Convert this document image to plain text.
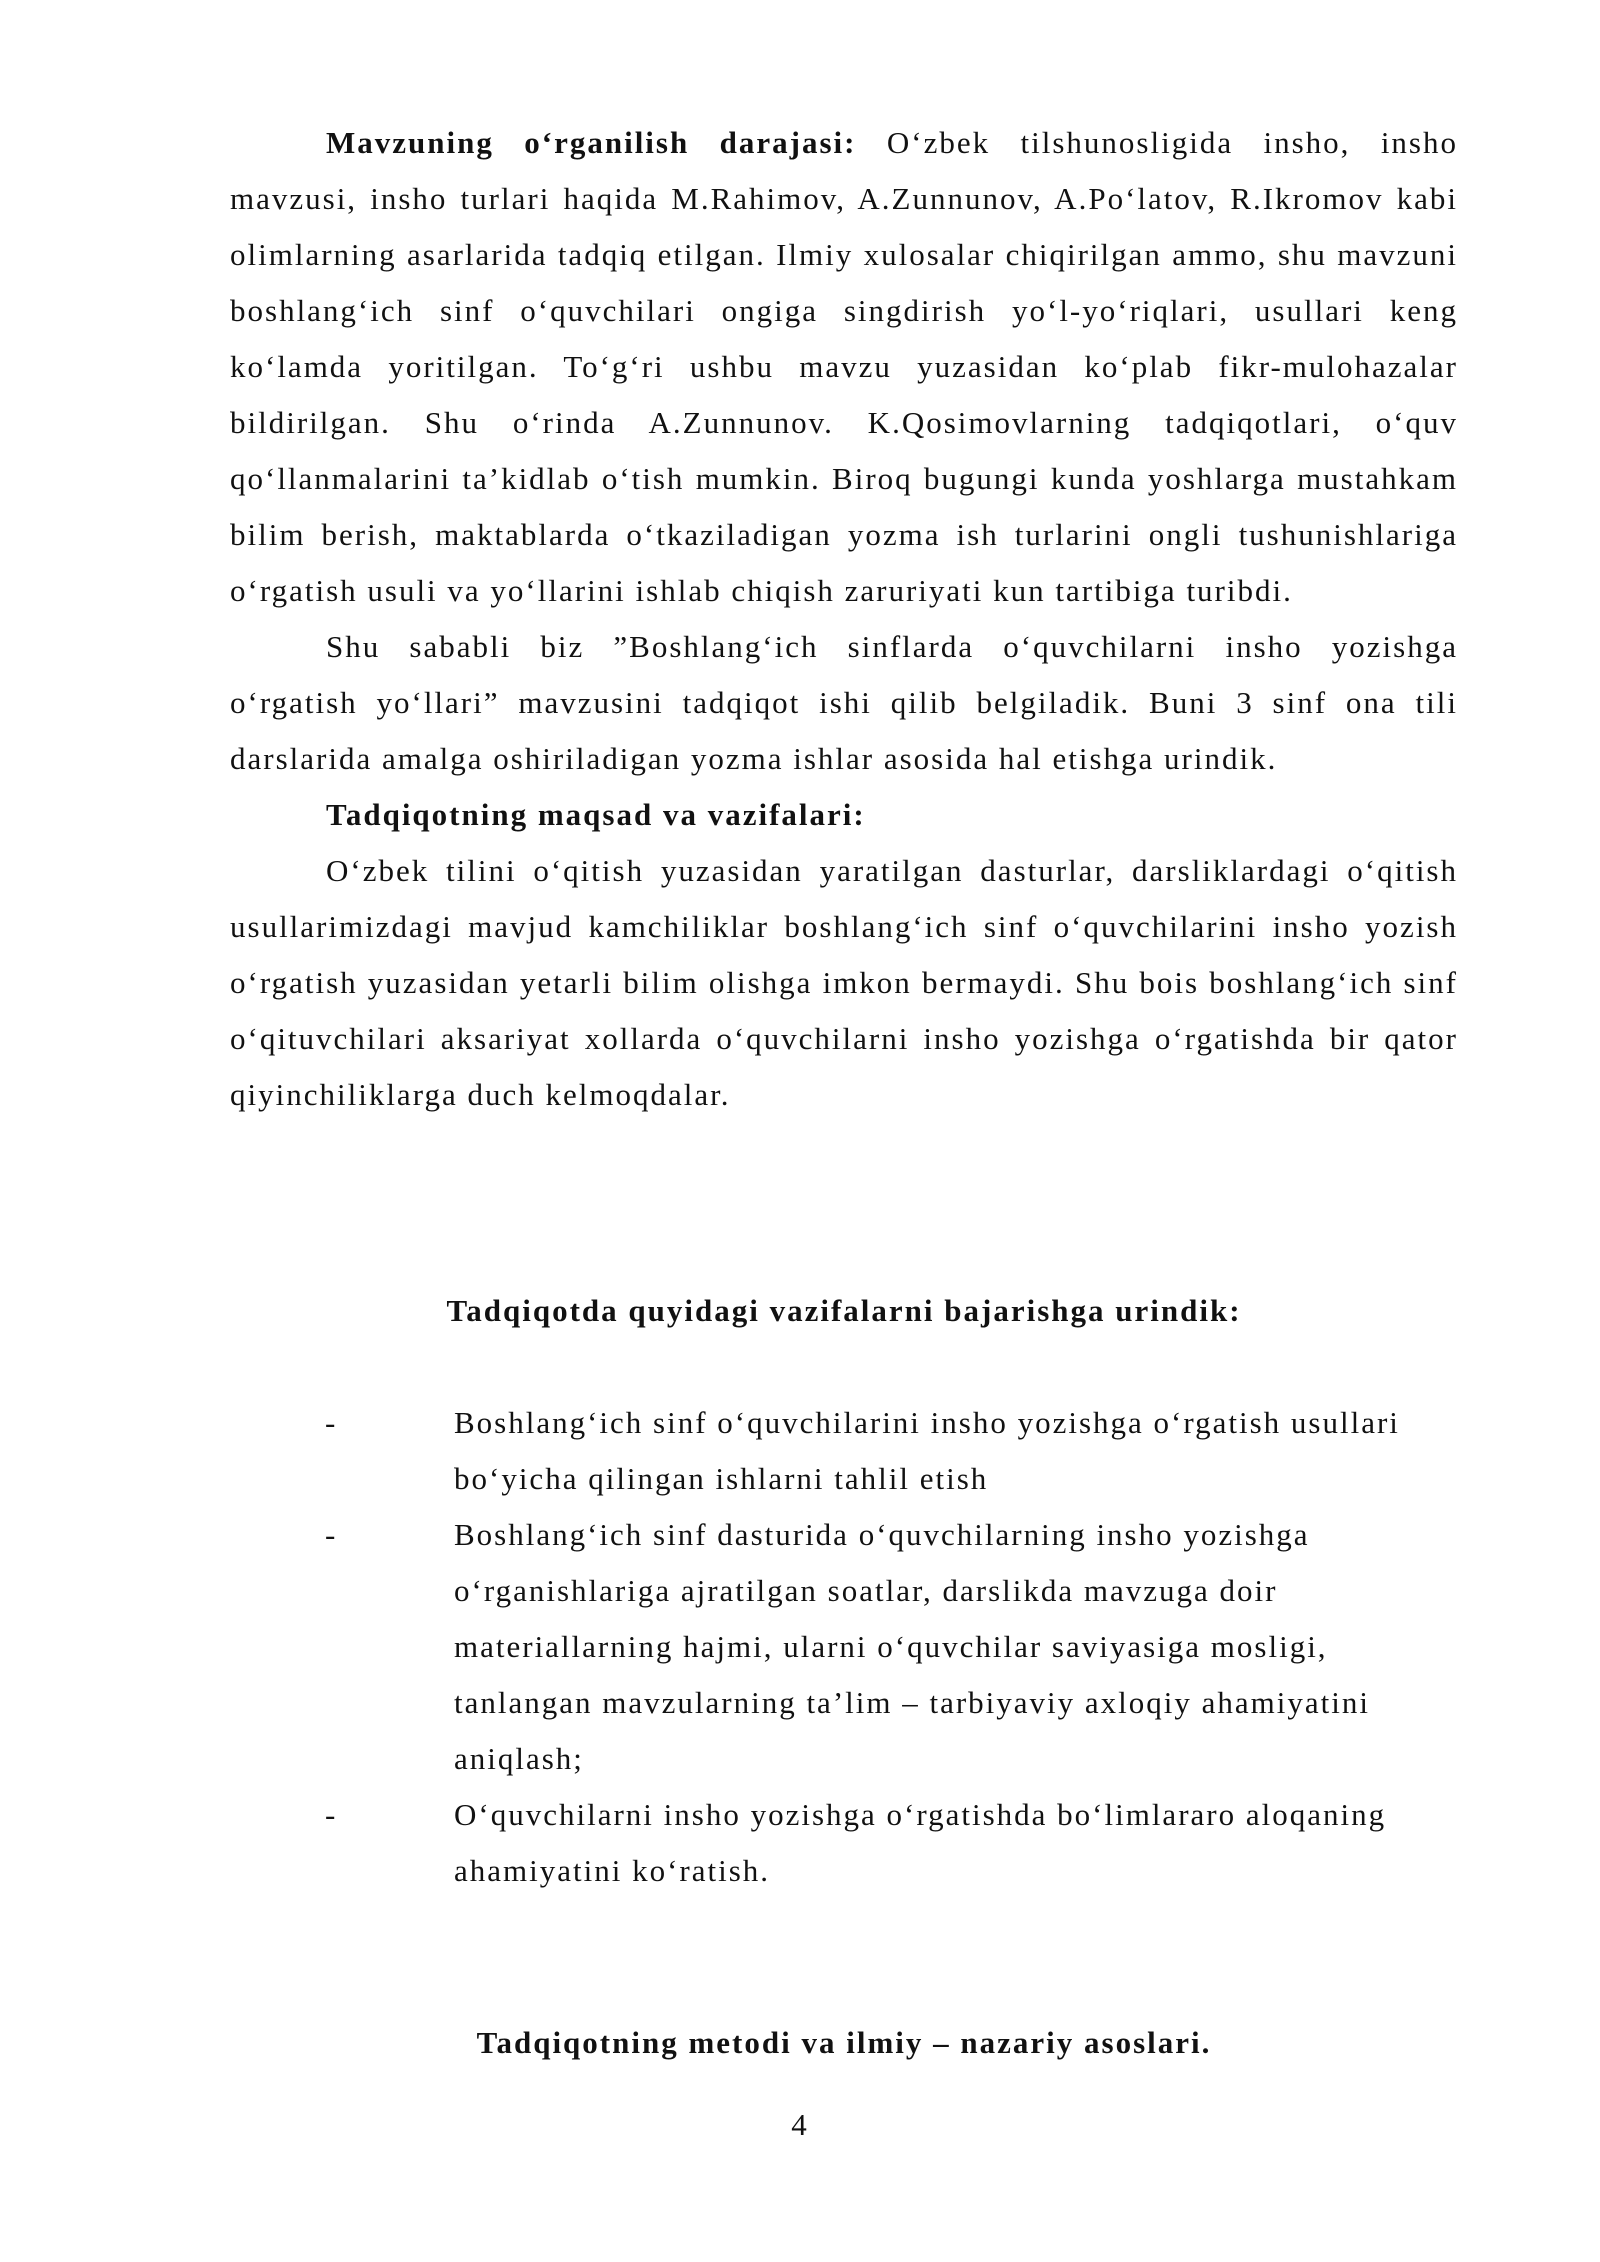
Mavzuning o‘rganilish darajasi: O‘zbek tilshunosligida insho, insho mavzusi, insho turlari haqida M.Rahimov, A.Zunnunov, A.Po‘latov, R.Ikromov kabi olimlarning asarlarida tadqiq etilgan. Ilmiy xulosalar chiqirilgan ammo, shu mavzuni boshlang‘ich sinf o‘quvchilari ongiga singdirish yo‘l-yo‘riqlari, usullari keng ko‘lamda yoritilgan. To‘g‘ri ushbu mavzu yuzasidan ko‘plab fikr-mulohazalar bildirilgan. Shu o‘rinda A.Zunnunov. K.Qosimovlarning tadqiqotlari, o‘quv qo‘llanmalarini ta’kidlab o‘tish mumkin. Biroq bugungi kunda yoshlarga mustahkam bilim berish, maktablarda o‘tkaziladigan yozma ish turlarini ongli tushunishlariga o‘rgatish usuli va yo‘llarini ishlab chiqish zaruriyati kun tartibiga turibdi.

Shu sababli biz ”Boshlang‘ich sinflarda o‘quvchilarni insho yozishga o‘rgatish yo‘llari” mavzusini tadqiqot ishi qilib belgiladik. Buni 3 sinf ona tili darslarida amalga oshiriladigan yozma ishlar asosida hal etishga urindik.

Tadqiqotning maqsad va vazifalari:

O‘zbek tilini o‘qitish yuzasidan yaratilgan dasturlar, darsliklardagi o‘qitish usullarimizdagi mavjud kamchiliklar boshlang‘ich sinf o‘quvchilarini insho yozish o‘rgatish yuzasidan yetarli bilim olishga imkon bermaydi. Shu bois boshlang‘ich sinf o‘qituvchilari aksariyat xollarda o‘quvchilarni insho yozishga o‘rgatishda bir qator qiyinchiliklarga duch kelmoqdalar.

Tadqiqotda quyidagi vazifalarni bajarishga urindik:
-	Boshlang‘ich sinf o‘quvchilarini insho yozishga o‘rgatish usullari bo‘yicha qilingan ishlarni tahlil etish
-	Boshlang‘ich sinf dasturida o‘quvchilarning insho yozishga o‘rganishlariga ajratilgan soatlar, darslikda mavzuga doir materiallarning hajmi, ularni o‘quvchilar saviyasiga mosligi, tanlangan mavzularning ta’lim – tarbiyaviy axloqiy ahamiyatini aniqlash;
-	O‘quvchilarni insho yozishga o‘rgatishda bo‘limlararo aloqaning ahamiyatini ko‘ratish.
Tadqiqotning metodi va ilmiy – nazariy asoslari.
4
